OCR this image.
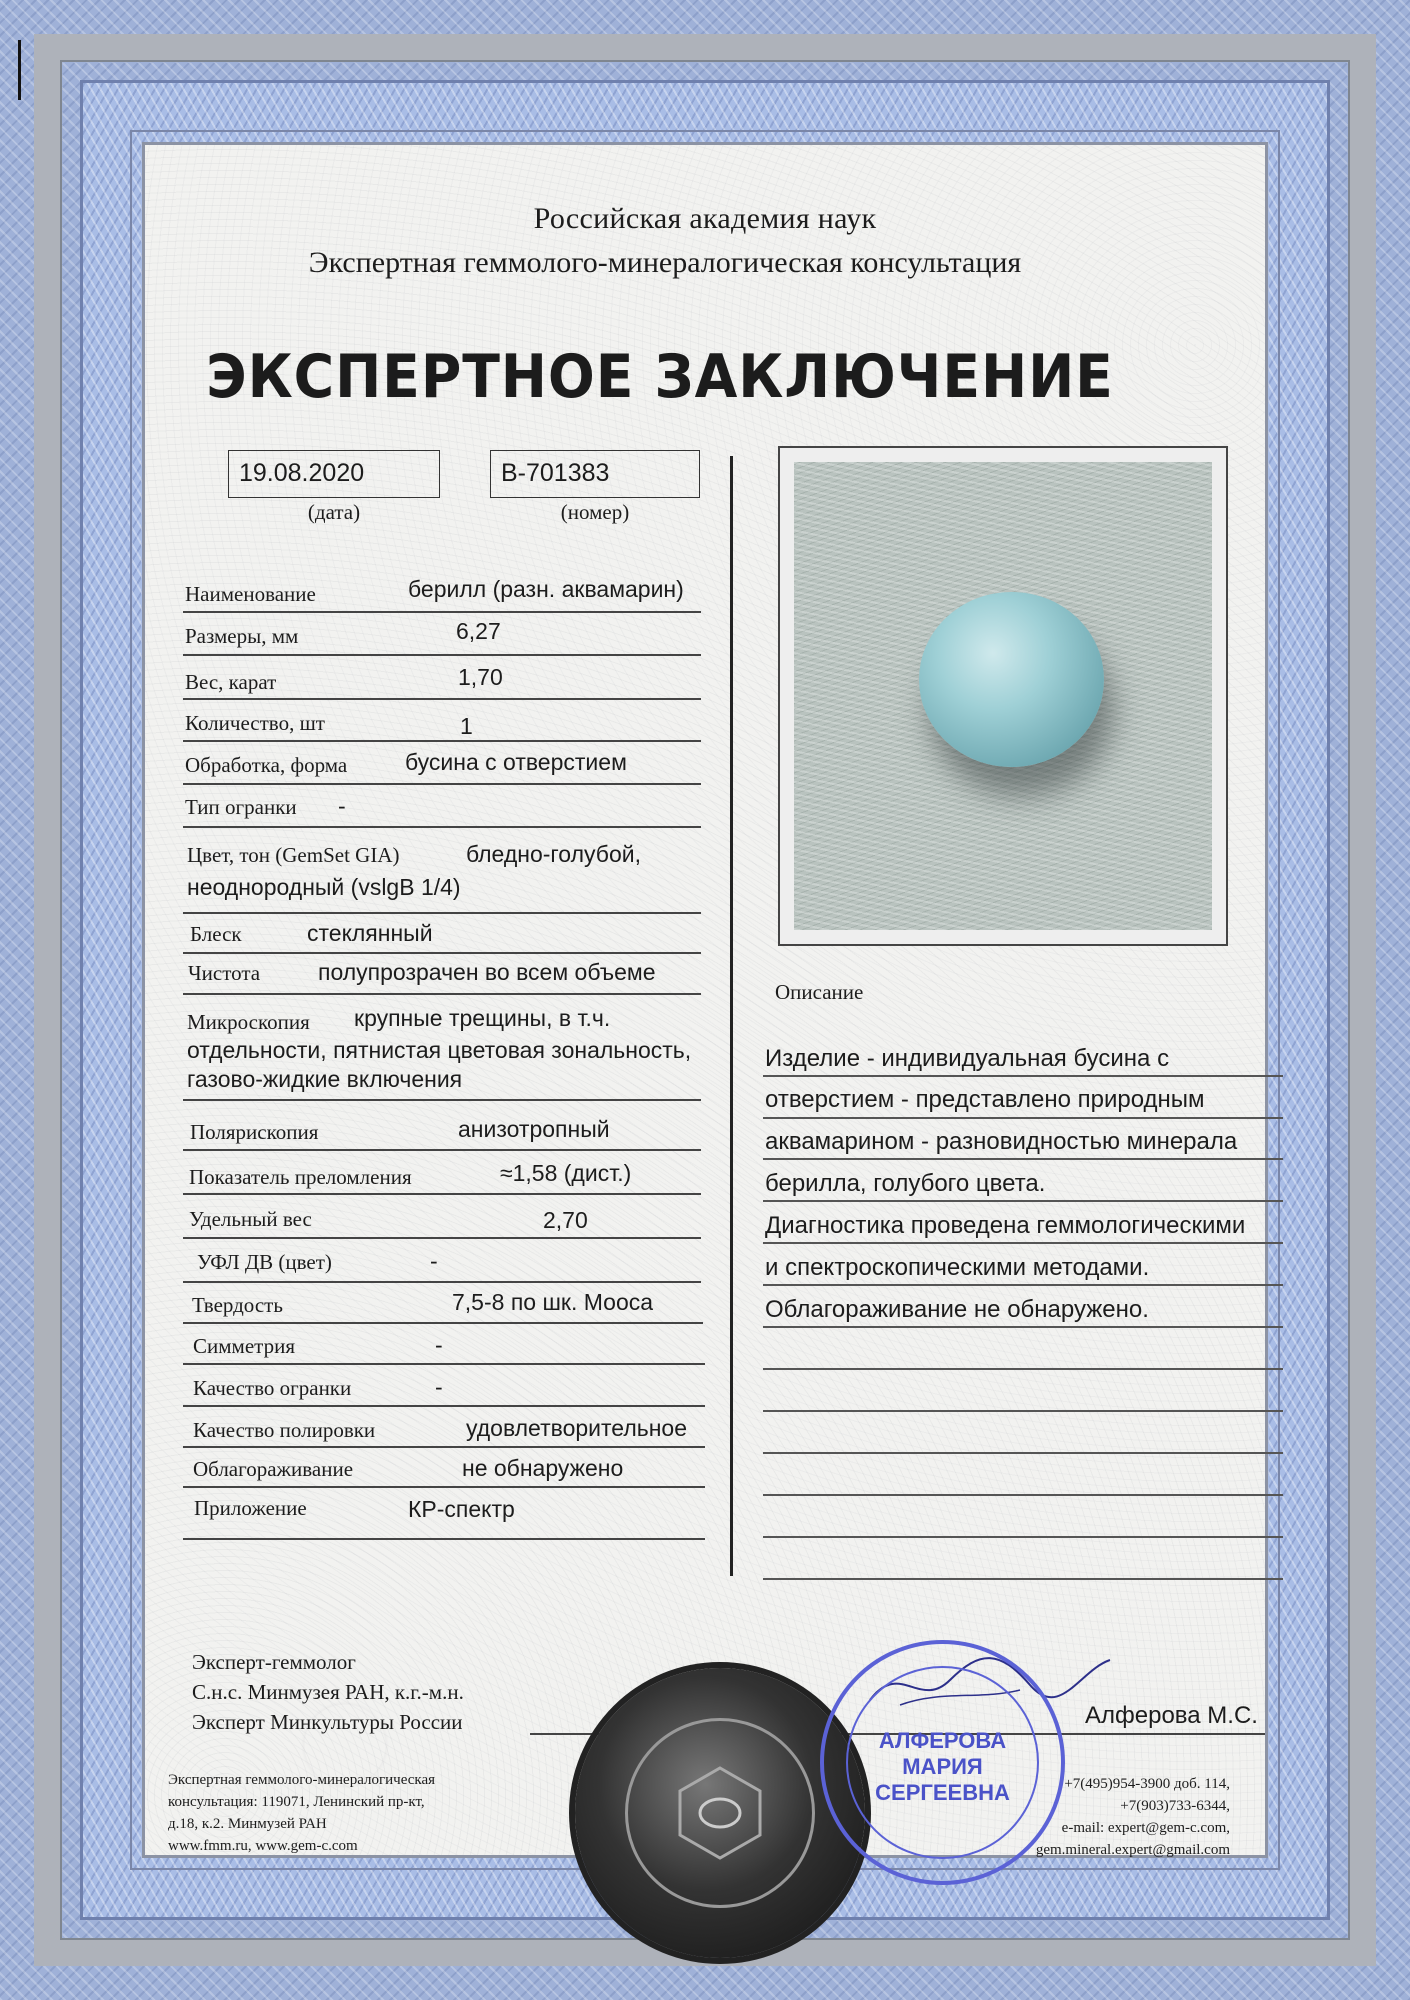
Российская академия наук
Экспертная геммолого-минералогическая консультация
ЭКСПЕРТНОЕ ЗАКЛЮЧЕНИЕ
19.08.2020
(дата)
В-701383
(номер)
Наименование	берилл (разн. аквамарин)
Размеры, мм	6,27
Вес, карат	1,70
Количество, шт	1
Обработка, форма	бусина с отверстием
Тип огранки -
Цвет, тон (GemSet GIA)	бледно-голубой,
неоднородный (vslgB 1/4)
Блеск	стеклянный
Чистота	полупрозрачен во всем объеме
Микроскопия крупные трещины, в т.ч.
отдельности, пятнистая цветовая зональность,
газово-жидкие включения
Полярископия	анизотропный
Показатель преломления	≈1,58 (дист.)
Удельный вес	2,70
УФЛ ДВ (цвет)	-
Твердость	7,5-8 по шк. Мооса
Симметрия	-
Качество огранки	-
Качество полировки	удовлетворительное
Облагораживание	не обнаружено
Приложение	КР-спектр
Описание
Изделие - индивидуальная бусина с
отверстием - представлено природным
аквамарином - разновидностью минерала
берилла, голубого цвета.
Диагностика проведена геммологическими
и спектроскопическими методами.
Облагораживание не обнаружено.
Эксперт-геммолог
С.н.с. Минмузея РАН, к.г.-м.н.
Эксперт Минкультуры России	Алферова М.С.
АЛФЕРОВА
МАРИЯ
СЕРГЕЕВНА
Экспертная геммолого-минералогическая
консультация: 119071, Ленинский пр-кт,
д.18, к.2. Минмузей РАН
www.fmm.ru, www.gem-c.com
+7(495)954-3900 доб. 114,
+7(903)733-6344,
e-mail: expert@gem-c.com,
gem.mineral.expert@gmail.com
